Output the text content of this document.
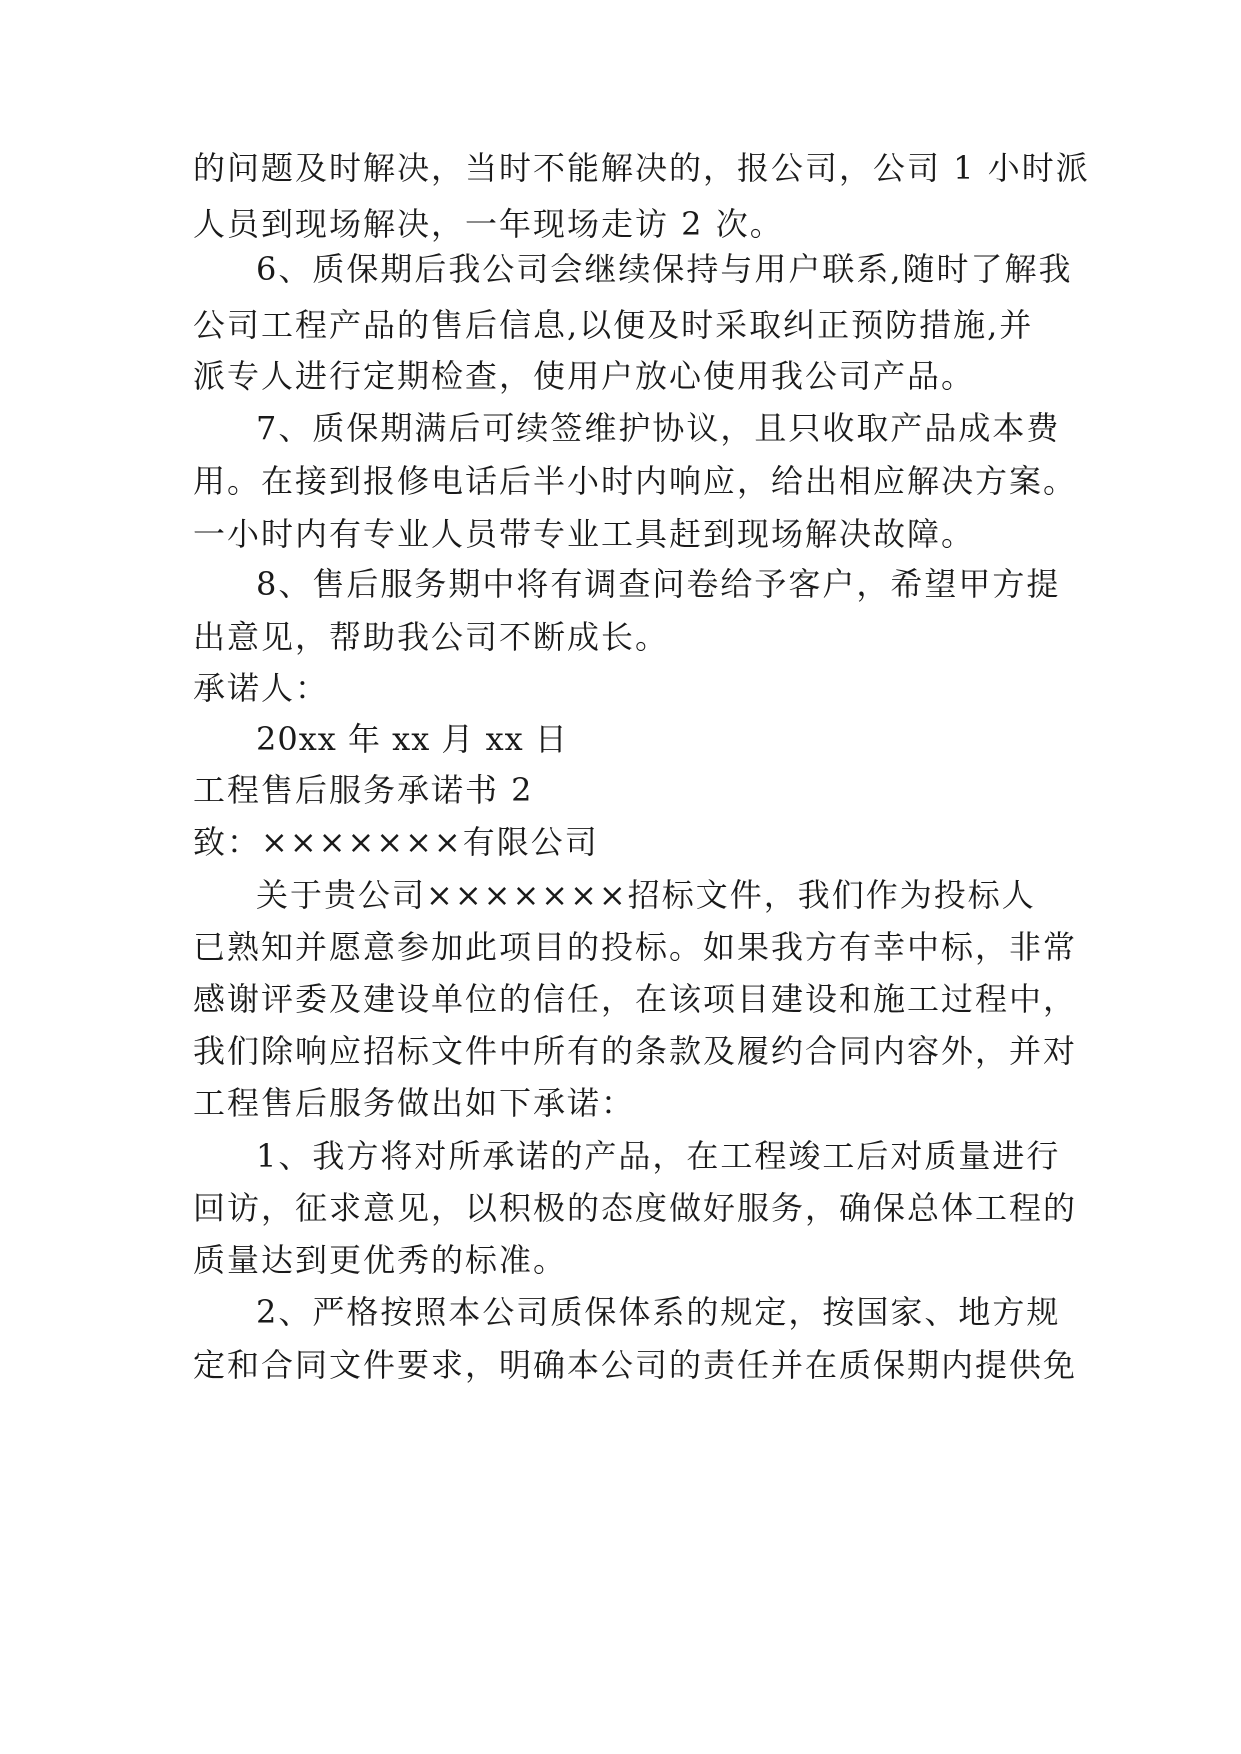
的问题及时解决，当时不能解决的，报公司，公司 1 小时派
人员到现场解决，一年现场走访 2 次。
6、质保期后我公司会继续保持与用户联系,随时了解我
公司工程产品的售后信息,以便及时采取纠正预防措施,并
派专人进行定期检查，使用户放心使用我公司产品。
7、质保期满后可续签维护协议，且只收取产品成本费
用。在接到报修电话后半小时内响应，给出相应解决方案。
一小时内有专业人员带专业工具赶到现场解决故障。
8、售后服务期中将有调查问卷给予客户，希望甲方提
出意见，帮助我公司不断成长。
承诺人：
20xx 年 xx 月 xx 日
工程售后服务承诺书 2
致：×××××××有限公司
关于贵公司×××××××招标文件，我们作为投标人
已熟知并愿意参加此项目的投标。如果我方有幸中标，非常
感谢评委及建设单位的信任，在该项目建设和施工过程中，
我们除响应招标文件中所有的条款及履约合同内容外，并对
工程售后服务做出如下承诺：
1、我方将对所承诺的产品，在工程竣工后对质量进行
回访，征求意见，以积极的态度做好服务，确保总体工程的
质量达到更优秀的标准。
2、严格按照本公司质保体系的规定，按国家、地方规
定和合同文件要求，明确本公司的责任并在质保期内提供免
